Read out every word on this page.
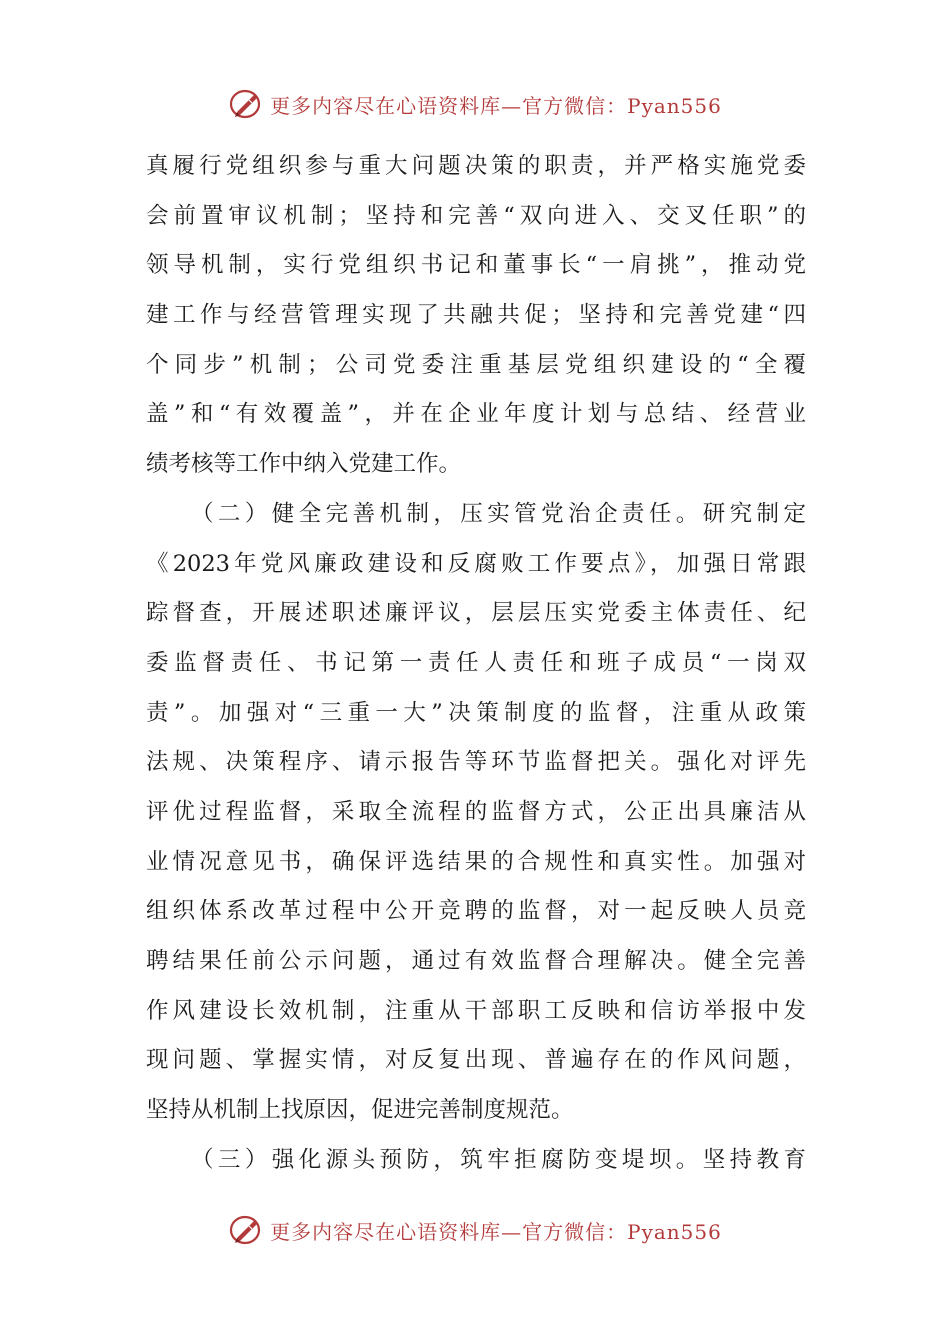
更多内容尽在心语资料库—官方微信：Pyan556
真履行党组织参与重大问题决策的职责，并严格实施党委
会前置审议机制；坚持和完善“双向进入、交叉任职”的
领导机制，实行党组织书记和董事长“一肩挑”，推动党
建工作与经营管理实现了共融共促；坚持和完善党建“四
个同步”机制；公司党委注重基层党组织建设的“全覆
盖”和“有效覆盖”，并在企业年度计划与总结、经营业
绩考核等工作中纳入党建工作。
（二）健全完善机制，压实管党治企责任。研究制定
《2023年党风廉政建设和反腐败工作要点》，加强日常跟
踪督查，开展述职述廉评议，层层压实党委主体责任、纪
委监督责任、书记第一责任人责任和班子成员“一岗双
责”。加强对“三重一大”决策制度的监督，注重从政策
法规、决策程序、请示报告等环节监督把关。强化对评先
评优过程监督，采取全流程的监督方式，公正出具廉洁从
业情况意见书，确保评选结果的合规性和真实性。加强对
组织体系改革过程中公开竞聘的监督，对一起反映人员竞
聘结果任前公示问题，通过有效监督合理解决。健全完善
作风建设长效机制，注重从干部职工反映和信访举报中发
现问题、掌握实情，对反复出现、普遍存在的作风问题，
坚持从机制上找原因，促进完善制度规范。
（三）强化源头预防，筑牢拒腐防变堤坝。坚持教育
更多内容尽在心语资料库—官方微信：Pyan556
